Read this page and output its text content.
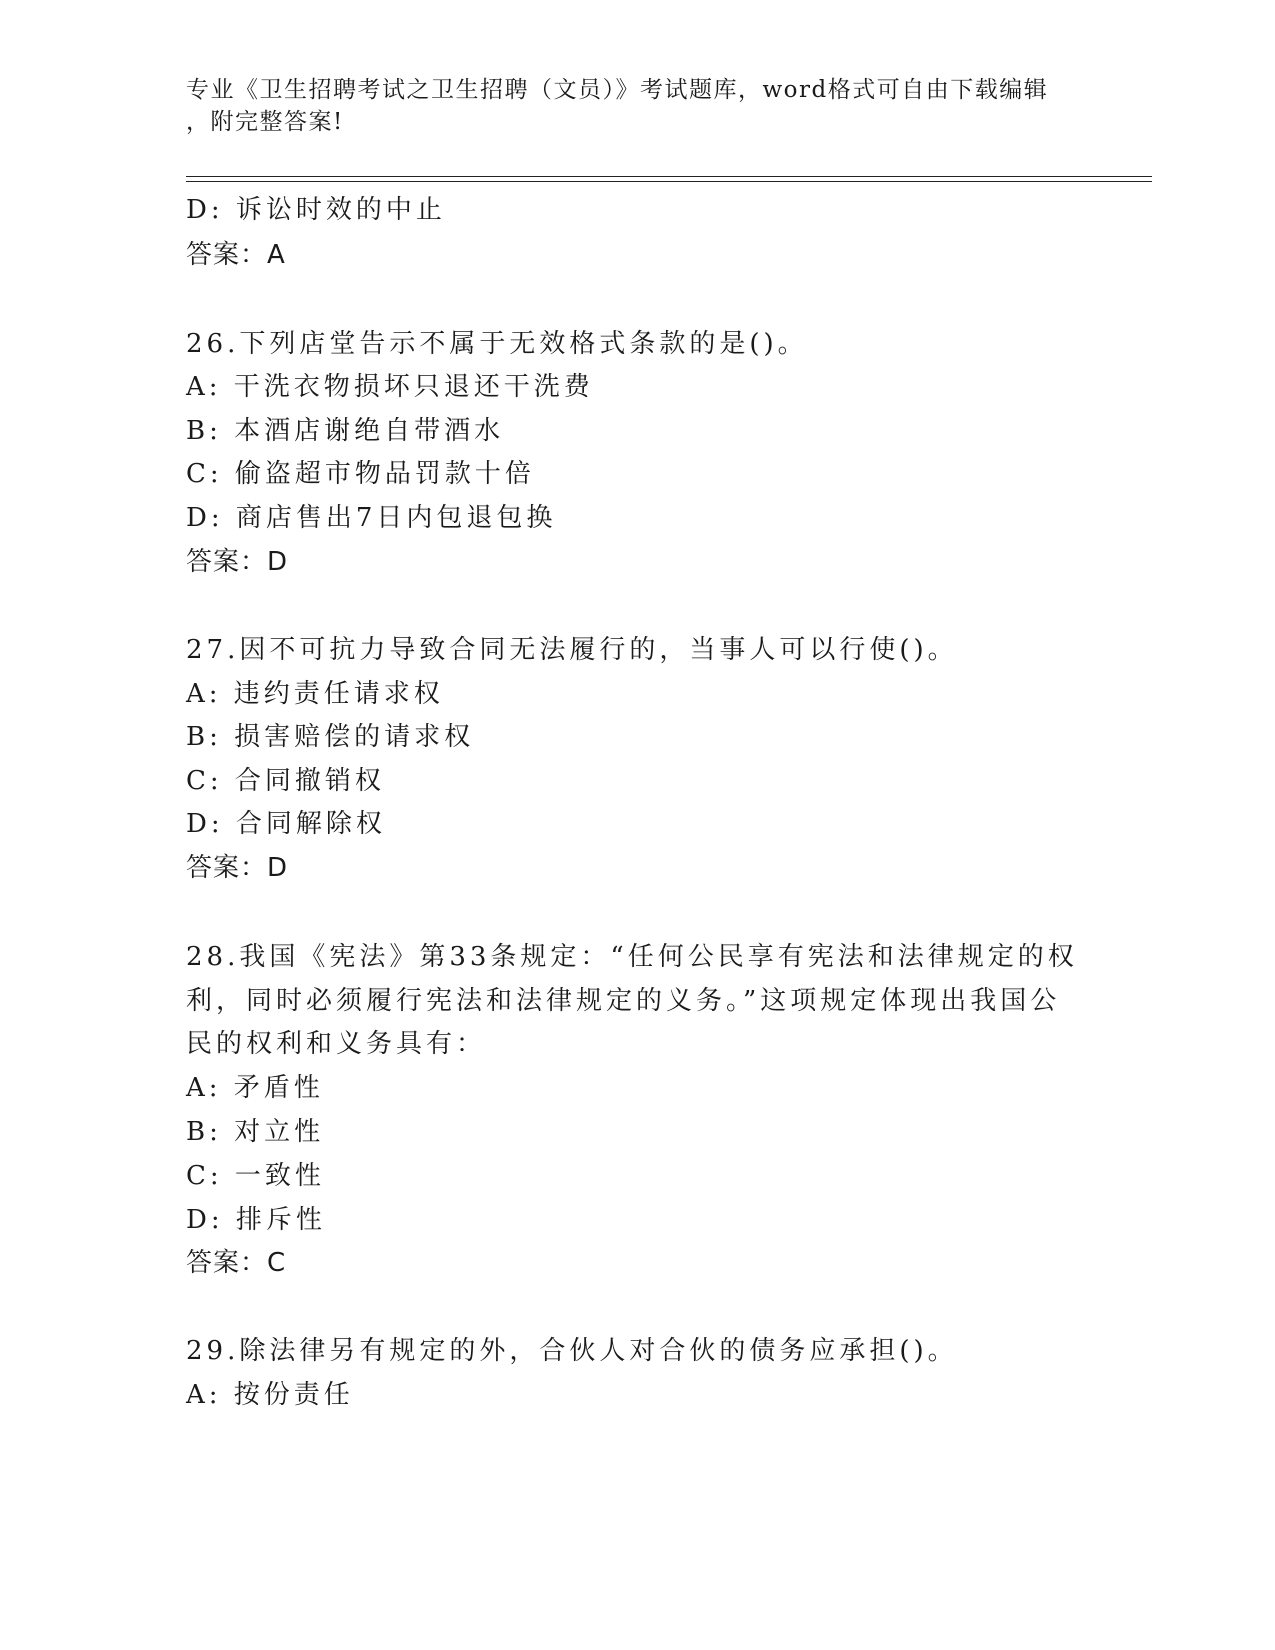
专业《卫生招聘考试之卫生招聘（文员）》考试题库，word格式可自由下载编辑
，附完整答案!
D: 诉讼时效的中止
答案：A
26.下列店堂告示不属于无效格式条款的是()。
A: 干洗衣物损坏只退还干洗费
B: 本酒店谢绝自带酒水
C: 偷盗超市物品罚款十倍
D: 商店售出7日内包退包换
答案：D
27.因不可抗力导致合同无法履行的，当事人可以行使()。
A: 违约责任请求权
B: 损害赔偿的请求权
C: 合同撤销权
D: 合同解除权
答案：D
28.我国《宪法》第33条规定：“任何公民享有宪法和法律规定的权
利，同时必须履行宪法和法律规定的义务。”这项规定体现出我国公
民的权利和义务具有：
A: 矛盾性
B: 对立性
C: 一致性
D: 排斥性
答案：C
29.除法律另有规定的外，合伙人对合伙的债务应承担()。
A: 按份责任
